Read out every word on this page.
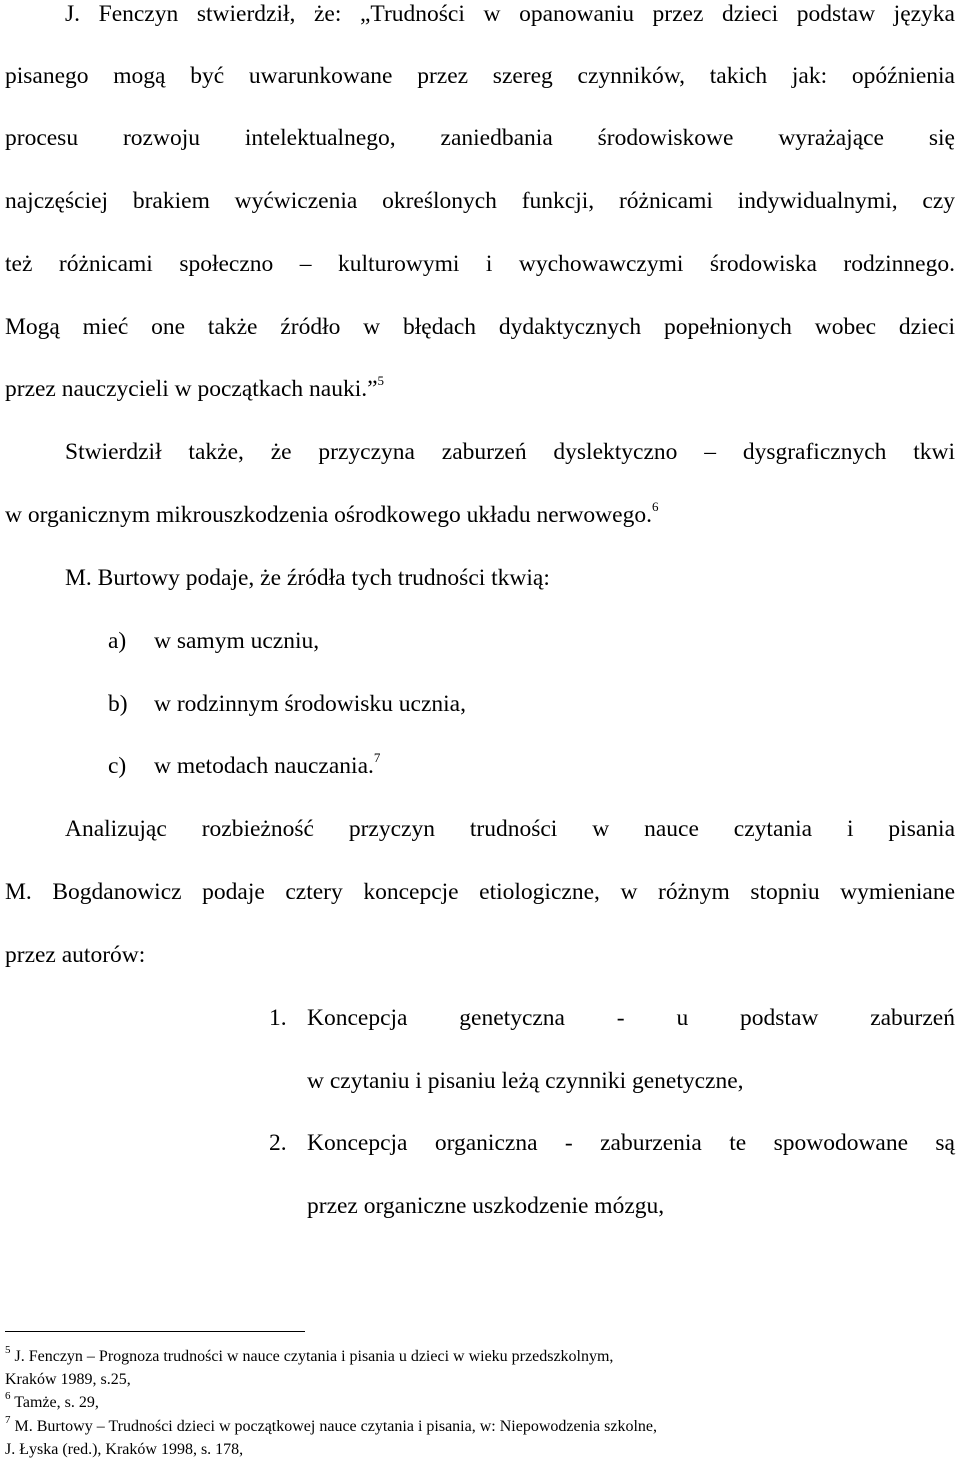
J. Fenczyn stwierdził, że: „Trudności w opanowaniu przez dzieci podstaw języka
pisanego mogą być uwarunkowane przez szereg czynników, takich jak: opóźnienia
procesu rozwoju intelektualnego, zaniedbania środowiskowe wyrażające się
najczęściej brakiem wyćwiczenia określonych funkcji, różnicami indywidualnymi, czy
też różnicami społeczno – kulturowymi i wychowawczymi środowiska rodzinnego.
Mogą mieć one także źródło w błędach dydaktycznych popełnionych wobec dzieci
przez nauczycieli w początkach nauki.”$^5$
Stwierdził także, że przyczyna zaburzeń dyslektyczno – dysgraficznych tkwi
w organicznym mikrouszkodzenia ośrodkowego układu nerwowego.$^6$
M. Burtowy podaje, że źródła tych trudności tkwią:
a) w samym uczniu,
b) w rodzinnym środowisku ucznia,
c) w metodach nauczania.$^7$
Analizując rozbieżność przyczyn trudności w nauce czytania i pisania
M. Bogdanowicz podaje cztery koncepcje etiologiczne, w różnym stopniu wymieniane
przez autorów:
1. Koncepcja genetyczna - u podstaw zaburzeń
w czytaniu i pisaniu leżą czynniki genetyczne,
2. Koncepcja organiczna - zaburzenia te spowodowane są
przez organiczne uszkodzenie mózgu,
$^5$ J. Fenczyn – Prognoza trudności w nauce czytania i pisania u dzieci w wieku przedszkolnym,
Kraków 1989, s.25,
$^6$ Tamże, s. 29,
$^7$ M. Burtowy – Trudności dzieci w początkowej nauce czytania i pisania, w: Niepowodzenia szkolne,
J. Łyska (red.), Kraków 1998, s. 178,
